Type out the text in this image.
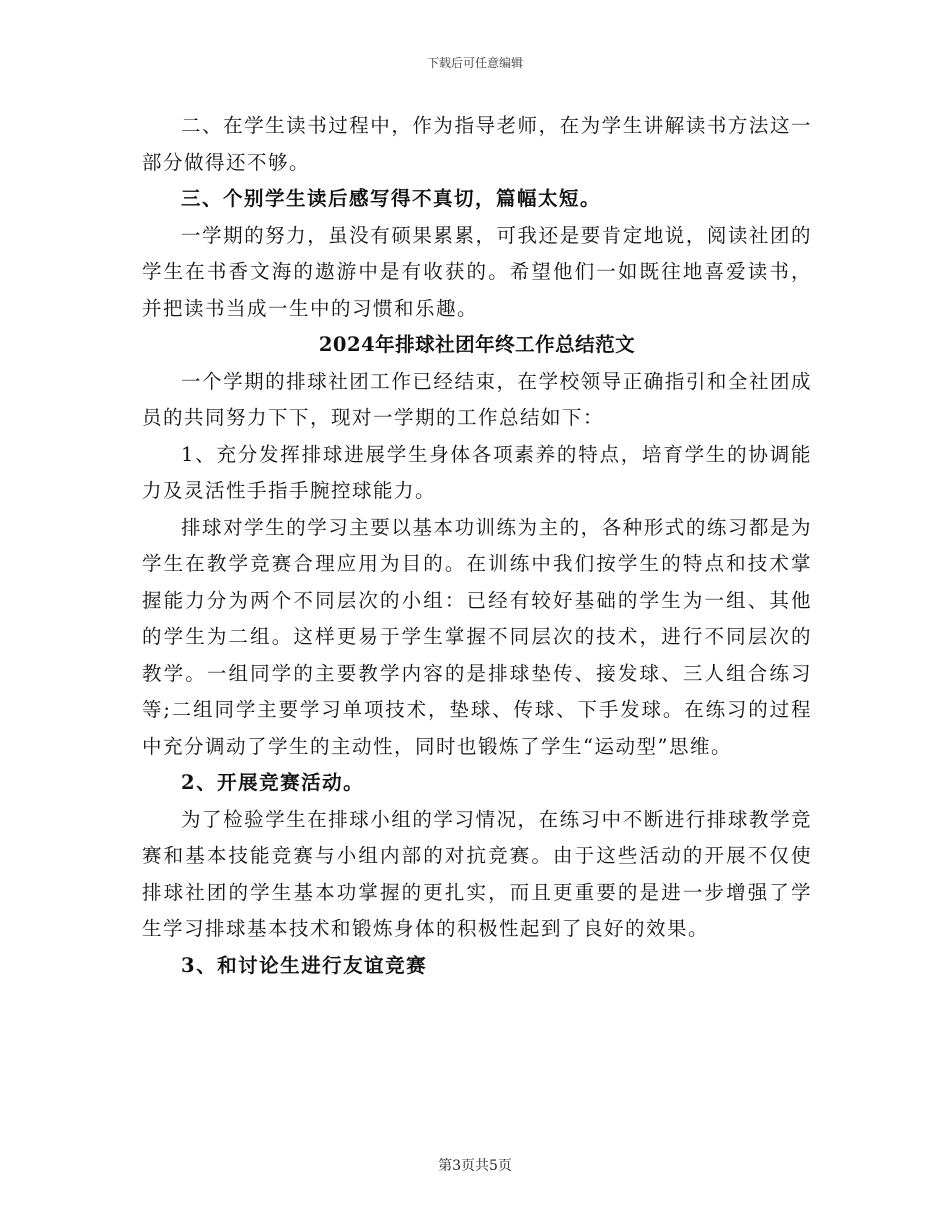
下载后可任意编辑

二、在学生读书过程中，作为指导老师，在为学生讲解读书方法这一部分做得还不够。

三、个别学生读后感写得不真切，篇幅太短。

一学期的努力，虽没有硕果累累，可我还是要肯定地说，阅读社团的学生在书香文海的遨游中是有收获的。希望他们一如既往地喜爱读书，并把读书当成一生中的习惯和乐趣。

2024年排球社团年终工作总结范文

一个学期的排球社团工作已经结束，在学校领导正确指引和全社团成员的共同努力下下，现对一学期的工作总结如下：

1、充分发挥排球进展学生身体各项素养的特点，培育学生的协调能力及灵活性手指手腕控球能力。

排球对学生的学习主要以基本功训练为主的，各种形式的练习都是为学生在教学竞赛合理应用为目的。在训练中我们按学生的特点和技术掌握能力分为两个不同层次的小组：已经有较好基础的学生为一组、其他的学生为二组。这样更易于学生掌握不同层次的技术，进行不同层次的教学。一组同学的主要教学内容的是排球垫传、接发球、三人组合练习等;二组同学主要学习单项技术，垫球、传球、下手发球。在练习的过程中充分调动了学生的主动性，同时也锻炼了学生“运动型”思维。

2、开展竞赛活动。

为了检验学生在排球小组的学习情况，在练习中不断进行排球教学竞赛和基本技能竞赛与小组内部的对抗竞赛。由于这些活动的开展不仅使排球社团的学生基本功掌握的更扎实，而且更重要的是进一步增强了学生学习排球基本技术和锻炼身体的积极性起到了良好的效果。

3、和讨论生进行友谊竞赛

第3页共5页
